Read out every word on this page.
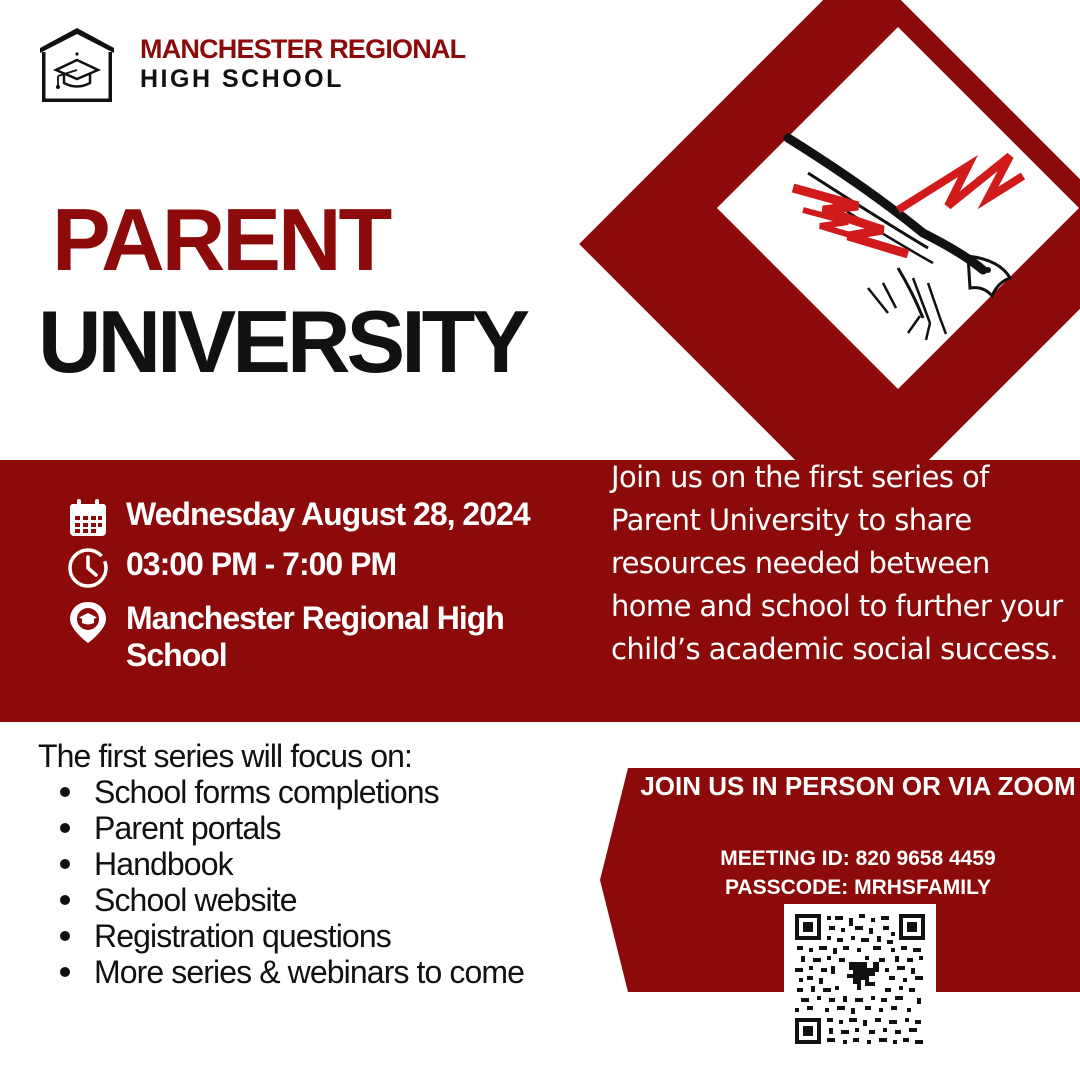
MANCHESTER REGIONAL
HIGH SCHOOL
PARENT
UNIVERSITY
Wednesday August 28, 2024
03:00 PM - 7:00 PM
Manchester Regional High
School
Join us on the first series of Parent University to share resources needed between home and school to further your child’s academic social success.
The first series will focus on:
School forms completions
Parent portals
Handbook
School website
Registration questions
More series & webinars to come
JOIN US IN PERSON OR VIA ZOOM
MEETING ID: 820 9658 4459
PASSCODE: MRHSFAMILY
